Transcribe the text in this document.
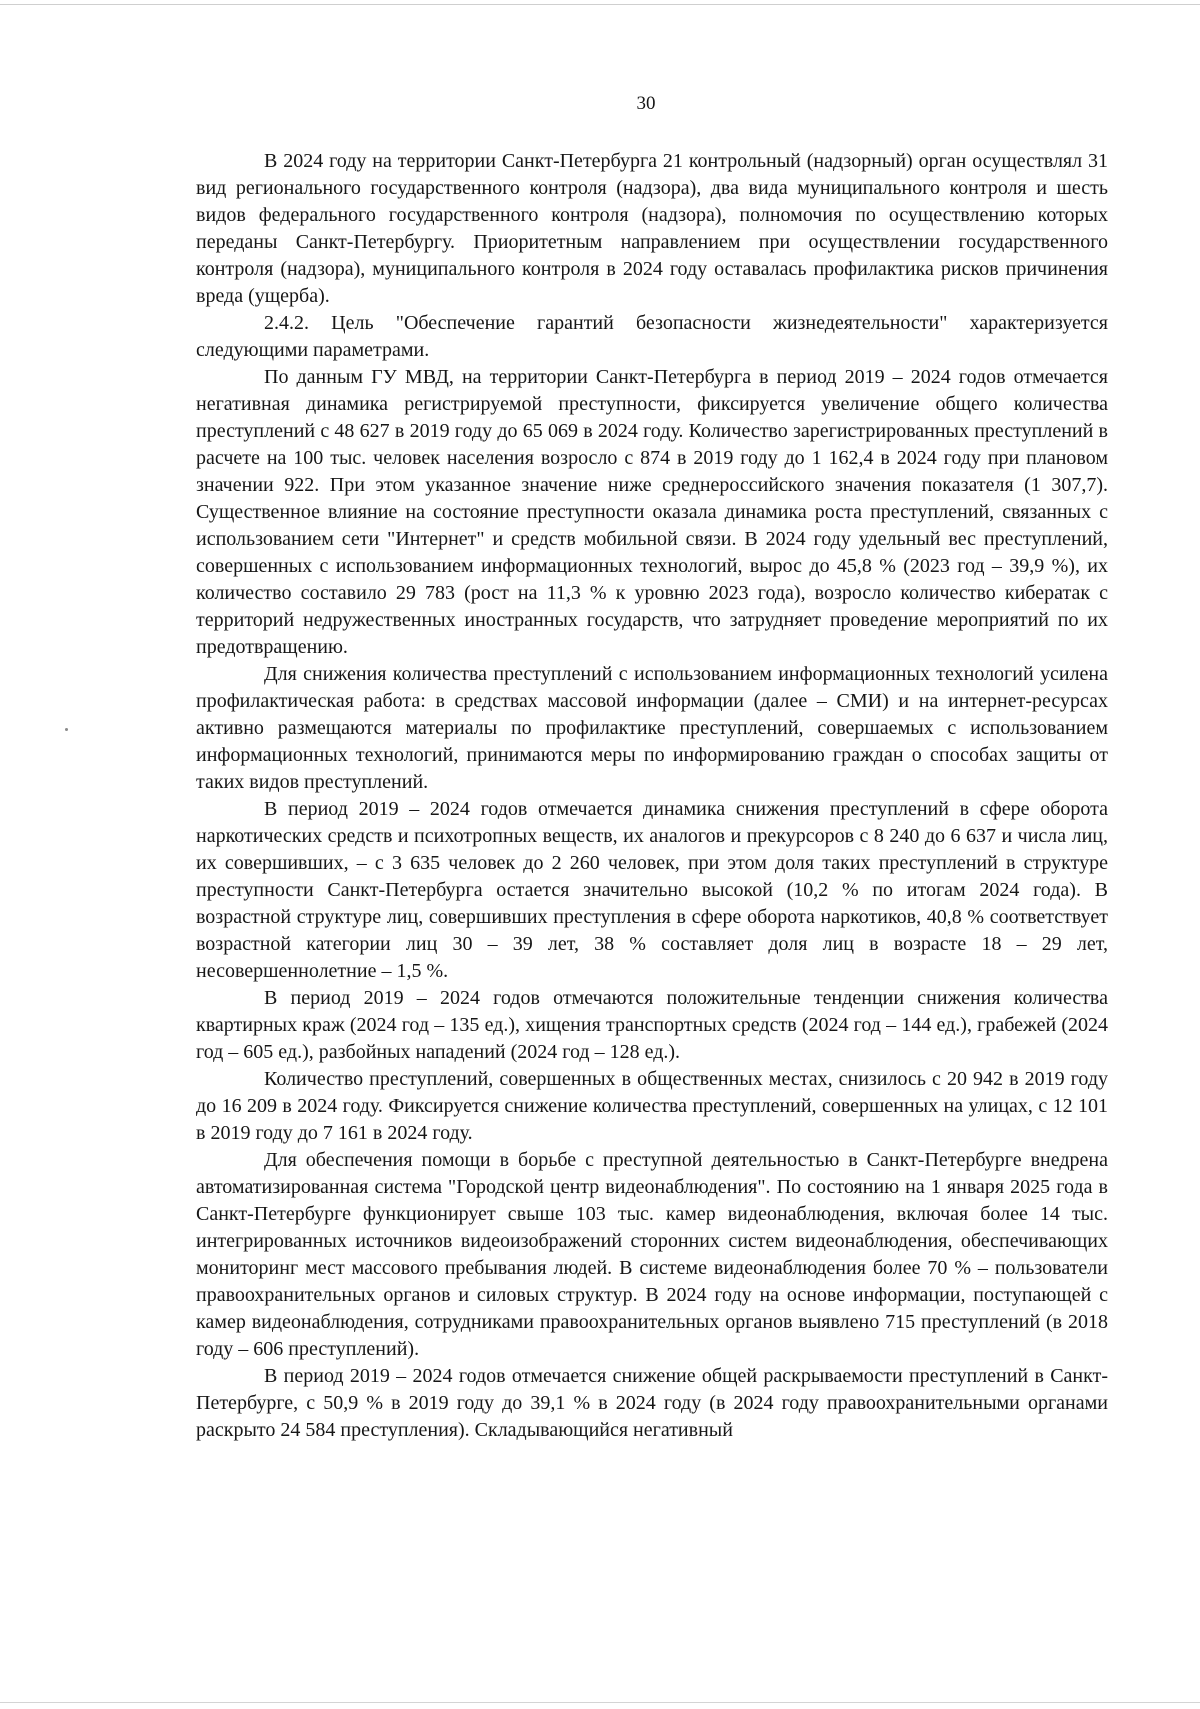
30

В 2024 году на территории Санкт-Петербурга 21 контрольный (надзорный) орган осуществлял 31 вид регионального государственного контроля (надзора), два вида муниципального контроля и шесть видов федерального государственного контроля (надзора), полномочия по осуществлению которых переданы Санкт-Петербургу. Приоритетным направлением при осуществлении государственного контроля (надзора), муниципального контроля в 2024 году оставалась профилактика рисков причинения вреда (ущерба).

2.4.2. Цель "Обеспечение гарантий безопасности жизнедеятельности" характеризуется следующими параметрами.

По данным ГУ МВД, на территории Санкт-Петербурга в период 2019 – 2024 годов отмечается негативная динамика регистрируемой преступности, фиксируется увеличение общего количества преступлений с 48 627 в 2019 году до 65 069 в 2024 году. Количество зарегистрированных преступлений в расчете на 100 тыс. человек населения возросло с 874 в 2019 году до 1 162,4 в 2024 году при плановом значении 922. При этом указанное значение ниже среднероссийского значения показателя (1 307,7). Существенное влияние на состояние преступности оказала динамика роста преступлений, связанных с использованием сети "Интернет" и средств мобильной связи. В 2024 году удельный вес преступлений, совершенных с использованием информационных технологий, вырос до 45,8 % (2023 год – 39,9 %), их количество составило 29 783 (рост на 11,3 % к уровню 2023 года), возросло количество кибератак с территорий недружественных иностранных государств, что затрудняет проведение мероприятий по их предотвращению.

Для снижения количества преступлений с использованием информационных технологий усилена профилактическая работа: в средствах массовой информации (далее – СМИ) и на интернет-ресурсах активно размещаются материалы по профилактике преступлений, совершаемых с использованием информационных технологий, принимаются меры по информированию граждан о способах защиты от таких видов преступлений.

В период 2019 – 2024 годов отмечается динамика снижения преступлений в сфере оборота наркотических средств и психотропных веществ, их аналогов и прекурсоров с 8 240 до 6 637 и числа лиц, их совершивших, – с 3 635 человек до 2 260 человек, при этом доля таких преступлений в структуре преступности Санкт-Петербурга остается значительно высокой (10,2 % по итогам 2024 года). В возрастной структуре лиц, совершивших преступления в сфере оборота наркотиков, 40,8 % соответствует возрастной категории лиц 30 – 39 лет, 38 % составляет доля лиц в возрасте 18 – 29 лет, несовершеннолетние – 1,5 %.

В период 2019 – 2024 годов отмечаются положительные тенденции снижения количества квартирных краж (2024 год – 135 ед.), хищения транспортных средств (2024 год – 144 ед.), грабежей (2024 год – 605 ед.), разбойных нападений (2024 год – 128 ед.).

Количество преступлений, совершенных в общественных местах, снизилось с 20 942 в 2019 году до 16 209 в 2024 году. Фиксируется снижение количества преступлений, совершенных на улицах, с 12 101 в 2019 году до 7 161 в 2024 году.

Для обеспечения помощи в борьбе с преступной деятельностью в Санкт-Петербурге внедрена автоматизированная система "Городской центр видеонаблюдения". По состоянию на 1 января 2025 года в Санкт-Петербурге функционирует свыше 103 тыс. камер видеонаблюдения, включая более 14 тыс. интегрированных источников видеоизображений сторонних систем видеонаблюдения, обеспечивающих мониторинг мест массового пребывания людей. В системе видеонаблюдения более 70 % – пользователи правоохранительных органов и силовых структур. В 2024 году на основе информации, поступающей с камер видеонаблюдения, сотрудниками правоохранительных органов выявлено 715 преступлений (в 2018 году – 606 преступлений).

В период 2019 – 2024 годов отмечается снижение общей раскрываемости преступлений в Санкт-Петербурге, с 50,9 % в 2019 году до 39,1 % в 2024 году (в 2024 году правоохранительными органами раскрыто 24 584 преступления). Складывающийся негативный
